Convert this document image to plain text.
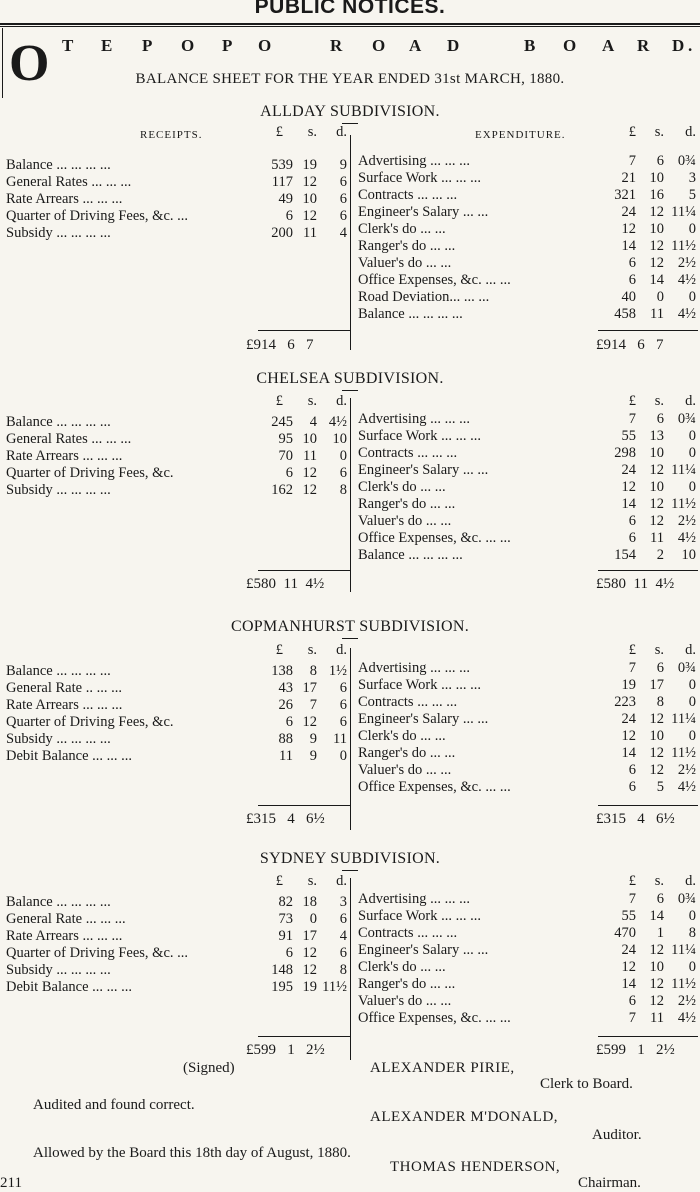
PUBLIC NOTICES.
O T E P O P O	R O A D	B O A R D .
BALANCE SHEET FOR THE YEAR ENDED 31st MARCH, 1880.
ALLDAY SUBDIVISION.
RECEIPTS.	EXPENDITURE.
£	s.	d.	£	s.	d.
Balance ... ... ... ...	539 19	9
General Rates ... ... ...	117 12	6
Rate Arrears ... ... ...	49 10	6
Quarter of Driving Fees, &c. ...	6 12	6
Subsidy ... ... ... ...	200 11	4
Advertising ... ... ...	7	6 0¾
Surface Work ... ... ...	21 10	3
Contracts ... ... ...	321 16	5
Engineer's Salary ... ...	24 12 11¼
Clerk's do ... ...	12 10	0
Ranger's do ... ...	14 12 11½
Valuer's do ... ...	6 12 2½
Office Expenses, &c. ... ...	6 14 4½
Road Deviation... ... ...	40	0	0
Balance ... ... ... ...	458 11 4½
£914   6   7	£914   6   7
CHELSEA SUBDIVISION.
£	s.	d.	£	s.	d.
Balance ... ... ... ...	245	4 4½
General Rates ... ... ...	95 10	10
Rate Arrears ... ... ...	70 11	0
Quarter of Driving Fees, &c.	6 12	6
Subsidy ... ... ... ...	162 12	8
Advertising ... ... ...	7	6 0¾
Surface Work ... ... ...	55 13	0
Contracts ... ... ...	298 10	0
Engineer's Salary ... ...	24 12 11¼
Clerk's do ... ...	12 10	0
Ranger's do ... ...	14 12 11½
Valuer's do ... ...	6 12 2½
Office Expenses, &c. ... ...	6 11 4½
Balance ... ... ... ...	154	2	10
£580  11  4½	£580  11  4½
COPMANHURST SUBDIVISION.
£	s.	d.	£	s.	d.
Balance ... ... ... ...	138	8 1½
General Rate .. ... ...	43 17	6
Rate Arrears ... ... ...	26	7	6
Quarter of Driving Fees, &c.	6 12	6
Subsidy ... ... ... ...	88	9	11
Debit Balance ... ... ...	11	9	0
Advertising ... ... ...	7	6 0¾
Surface Work ... ... ...	19 17	0
Contracts ... ... ...	223	8	0
Engineer's Salary ... ...	24 12 11¼
Clerk's do ... ...	12 10	0
Ranger's do ... ...	14 12 11½
Valuer's do ... ...	6 12 2½
Office Expenses, &c. ... ...	6	5 4½
£315   4   6½	£315   4   6½
SYDNEY SUBDIVISION.
£	s.	d.	£	s.	d.
Balance ... ... ... ...	82 18	3
General Rate ... ... ...	73	0	6
Rate Arrears ... ... ...	91 17	4
Quarter of Driving Fees, &c. ...	6 12	6
Subsidy ... ... ... ...	148 12	8
Debit Balance ... ... ...	195 19 11½
Advertising ... ... ...	7	6 0¾
Surface Work ... ... ...	55 14	0
Contracts ... ... ...	470	1	8
Engineer's Salary ... ...	24 12 11¼
Clerk's do ... ...	12 10	0
Ranger's do ... ...	14 12 11½
Valuer's do ... ...	6 12 2½
Office Expenses, &c. ... ...	7 11 4½
£599   1   2½	£599   1   2½
(Signed)	ALEXANDER PIRIE,
Clerk to Board.
Audited and found correct.
ALEXANDER M'DONALD,
Auditor.
Allowed by the Board this 18th day of August, 1880.
THOMAS HENDERSON,
Chairman.
211
